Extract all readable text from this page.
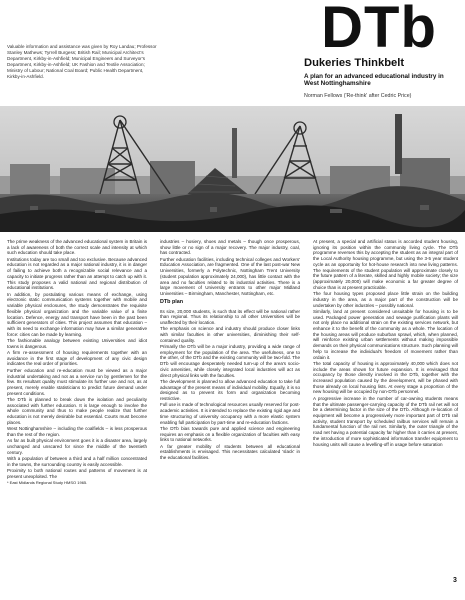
Valuable information and assistance was given by Roy Landau; Professor Stanley Mathews; Tyrrell Burgess; British Rail; Municipal Architect's Department, Kirkby-in-Ashfield; Municipal Engineers and Surveyor's Department, Kirkby-in-Ashfield; UK Fashion and Textile Association; Ministry of Labour; National Coal Board; Public Health Department, Kirkby-in-Ashfield.
DTb
Dukeries Thinkbelt
A plan for an advanced educational industry in West Nottinghamshire
Norman Fellows ('Re-think' after Cedric Price)

The prime weakness of the advanced educational system in Britain is a lack of awareness of both the correct scale and intensity at which such education should take place.

Institutions today are too small and too exclusive. Because advanced education is not regarded as a major national industry, it is in danger of failing to achieve both a recognizable social relevance and a capacity to initiate progress rather than an attempt to catch up with it. This study proposes a valid national and regional distribution of educational institutions.

In addition, by postulating various means of exchange, using electronic static communication systems together with mobile and variable physical enclosures, the study demonstrates the requisite flexible physical organization and the variable value of a finite location. Defence, energy and transport have been in the past been sufficient generators of cities. This project assumes that education – with its need to exchange information may have a similar generative force: cities can be made by learning.

The fashionable analogy between existing Universities and idiot towns is dangerous.

A firm re-assessment of housing requirements together with an avoidance in the first stage of development of any civic design indicates the real order of priorities.

Further education and re-education must be viewed as a major industrial undertaking and not as a service run by gentlemen for the few. Its resultant quality must stimulate its further use and not, as at present, merely enable statisticians to predict future demand under present conditions.

The DTb is planned to break down the isolation and peculiarity associated with further education. It is large enough to involve the whole community and thus to make people realize that further education is not merely desirable but essential. Courts must become places.

West Nottinghamshire – including the coalfields – is less prosperous than the rest of the region.

As far as built physical environment goes it is a disaster area, largely unchanged and unscared for since the middle of the twentieth century.

With a population of between a third and a half million concentrated in the towns, the surrounding country is easily accessible.

Proximity to both national routes and patterns of movement is at present unexploited. The

* East Midlands Regional Study HMSO 1965.

industries – hosiery, shoes and metals – though once prosperous, show little or no sign of a major recovery. The major industry, coal, has contracted.

Further education facilities, including technical colleges and Workers' Education Association, are fragmented. One of the last post-war New Universities, formerly a Polytechnic, Nottingham Trent University (student population approximately 24,000), has little contact with the area and no faculties related to its industrial activities. There is a large movement of University entrants to other major Midland Universities – Birmingham, Manchester, Nottingham, etc.

DTb plan

Its size, 20,000 students, is such that its effect will be national rather than regional. Thus its relationship to all other Universities will be unaffected by their location.

The emphasis on science and industry should produce closer links with similar faculties in other universities, diminishing their self-contained quality.

Primarily the DTb will be a major industry, providing a wide range of employment for the population of the area. The usefulness, one to the other, of the DTb and the existing community will be two-fold. The DTb will encourage desperately needed turn-up of the area's socio-civic amenities, while closely integrated local industries will act as direct physical links with the faculties.

The development is planned to allow advanced education to take full advantage of the present means of individual mobility. Equally, it is so designed as to prevent its form and organization becoming restrictive.

Full use is made of technological resources usually reserved for post-academic activities. It is intended to replace the existing rigid age and time structuring of university occupancy with a more elastic system enabling full participation by part-time and re-education factions.

The DTb bias towards pure and applied science and engineering requires an emphasis on a flexible organization of faculties with easy links to national networks.

A far greater mobility of students between all educational establishments is envisaged. This necessitates calculated 'slack' in the educational facilities.

At present, a special and artificial status is accorded student housing, ignoring its position within the community living cycle. The DTb programme reverses this by accepting the student as an integral part of the Local Authority housing programme, but using the 3-5 year student cycle as an opportunity for hot-house research into new living patterns. The requirements of the student population will approximate closely to the future pattern of a literate, skilled and highly mobile society; the size (approximately 20,000) will make economic a far greater degree of choice than is at present practicable.

The four housing types proposed place little strain on the building industry in the area, as a major part of the construction will be undertaken by other industries – possibly national.

Similarly, land at present considered unsuitable for housing is to be used. Packaged power generation and sewage purification plants will not only place no additional strain on the existing services network, but enhance it to the benefit of the community as a whole. The location of the housing areas will produce suburban sprawl, which, when planned, will reinforce existing urban settlements without making impossible demands on their physical communications structure. Such planning will help to increase the individual's freedom of movement rather than ordain it.

The total capacity of housing is approximately 40,000 which does not include the areas shown for future expansion. It is envisaged that occupancy by those directly involved in the DTb, together with the increased population caused by the development, will be phased with those already on local housing lists. At every stage a proportion of the new housing will be occupied by non-DTb personnel.

A progressive increase in the number of car-owning students means that the ultimate passenger-carrying capacity of the DTb rail net will not be a determining factor in the size of the DTb. Although re-location of equipment will become a progressively more important part of DTb rail activity, student transport by scheduled railbus services will remain a fundamental function of the rail net. Similarly, the outer triangle of the road net having a potential capacity far higher than it carries at present, the introduction of more sophisticated information transfer equipment to housing units will cause a levelling-off in usage before saturation

3
